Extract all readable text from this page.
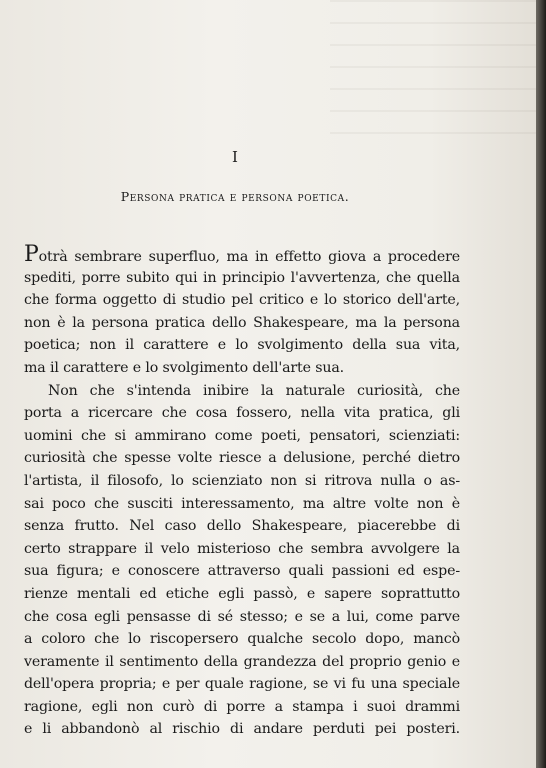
I
Persona pratica e persona poetica.
Potrà sembrare superfluo, ma in effetto giova a procedere
spediti, porre subito qui in principio l'avvertenza, che quella
che forma oggetto di studio pel critico e lo storico dell'arte,
non è la persona pratica dello Shakespeare, ma la persona
poetica; non il carattere e lo svolgimento della sua vita,
ma il carattere e lo svolgimento dell'arte sua.
Non che s'intenda inibire la naturale curiosità, che
porta a ricercare che cosa fossero, nella vita pratica, gli
uomini che si ammirano come poeti, pensatori, scienziati:
curiosità che spesse volte riesce a delusione, perché dietro
l'artista, il filosofo, lo scienziato non si ritrova nulla o as-
sai poco che susciti interessamento, ma altre volte non è
senza frutto. Nel caso dello Shakespeare, piacerebbe di
certo strappare il velo misterioso che sembra avvolgere la
sua figura; e conoscere attraverso quali passioni ed espe-
rienze mentali ed etiche egli passò, e sapere soprattutto
che cosa egli pensasse di sé stesso; e se a lui, come parve
a coloro che lo riscopersero qualche secolo dopo, mancò
veramente il sentimento della grandezza del proprio genio e
dell'opera propria; e per quale ragione, se vi fu una speciale
ragione, egli non curò di porre a stampa i suoi drammi
e li abbandonò al rischio di andare perduti pei posteri.
